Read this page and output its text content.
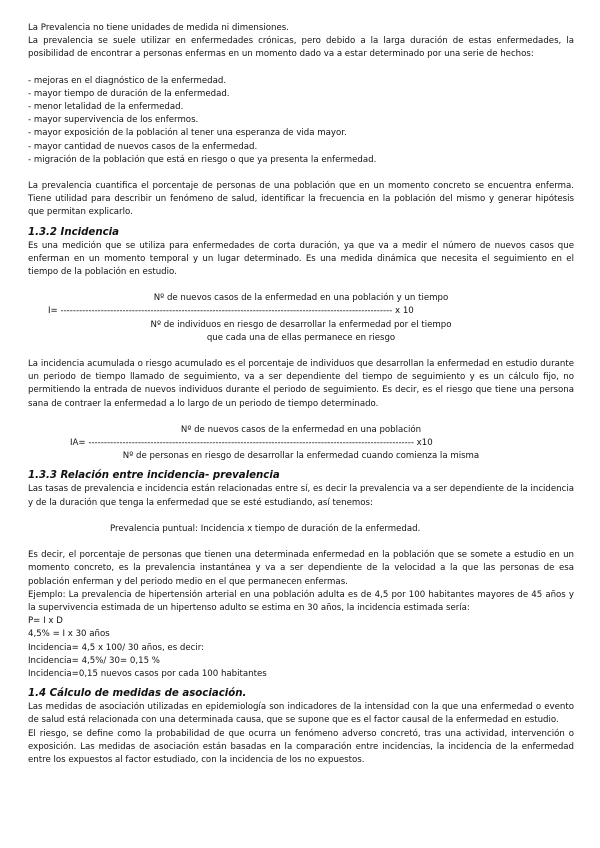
La Prevalencia no tiene unidades de medida ni dimensiones.

La prevalencia se suele utilizar en enfermedades crónicas, pero debido a la larga duración de estas enfermedades, la posibilidad de encontrar a personas enfermas en un momento dado va a estar determinado por una serie de hechos:

- mejoras en el diagnóstico de la enfermedad.
- mayor tiempo de duración de la enfermedad.
- menor letalidad de la enfermedad.
- mayor supervivencia de los enfermos.
- mayor exposición de la población al tener una esperanza de vida mayor.
- mayor cantidad de nuevos casos de la enfermedad.
- migración de la población que está en riesgo o que ya presenta la enfermedad.

La prevalencia cuantifica el porcentaje de personas de una población que en un momento concreto se encuentra enferma. Tiene utilidad para describir un fenómeno de salud, identificar la frecuencia en la población del mismo y generar hipótesis que permitan explicarlo.

1.3.2 Incidencia

Es una medición que se utiliza para enfermedades de corta duración, ya que va a medir el número de nuevos casos que enferman en un momento temporal y un lugar determinado. Es una medida dinámica que necesita el seguimiento en el tiempo de la población en estudio.

Nº de nuevos casos de la enfermedad en una población y un tiempo
I= ----------------------------------------------------------------------------------------------------------- x 10
Nº de individuos en riesgo de desarrollar la enfermedad por el tiempo
que cada una de ellas permanece en riesgo

La incidencia acumulada o riesgo acumulado es el porcentaje de individuos que desarrollan la enfermedad en estudio durante un periodo de tiempo llamado de seguimiento, va a ser dependiente del tiempo de seguimiento y es un cálculo fijo, no permitiendo la entrada de nuevos individuos durante el periodo de seguimiento. Es decir, es el riesgo que tiene una persona sana de contraer la enfermedad a lo largo de un periodo de tiempo determinado.

Nº de nuevos casos de la enfermedad en una población
IA= --------------------------------------------------------------------------------------------------------- x10
Nº de personas en riesgo de desarrollar la enfermedad cuando comienza la misma
1.3.3 Relación entre incidencia- prevalencia

Las tasas de prevalencia e incidencia están relacionadas entre sí, es decir la prevalencia va a ser dependiente de la incidencia y de la duración que tenga la enfermedad que se esté estudiando, así tenemos:

Prevalencia puntual: Incidencia x tiempo de duración de la enfermedad.

Es decir, el porcentaje de personas que tienen una determinada enfermedad en la población que se somete a estudio en un momento concreto, es la prevalencia instantánea y va a ser dependiente de la velocidad a la que las personas de esa población enferman y del periodo medio en el que permanecen enfermas.

Ejemplo: La prevalencia de hipertensión arterial en una población adulta es de 4,5 por 100 habitantes mayores de 45 años y la supervivencia estimada de un hipertenso adulto se estima en 30 años, la incidencia estimada sería:

P= I x D
4,5% = I x 30 años
Incidencia= 4,5 x 100/ 30 años, es decir:
Incidencia= 4,5%/ 30= 0,15 %
Incidencia=0,15 nuevos casos por cada 100 habitantes
1.4 Cálculo de medidas de asociación.

Las medidas de asociación utilizadas en epidemiología son indicadores de la intensidad con la que una enfermedad o evento de salud está relacionada con una determinada causa, que se supone que es el factor causal de la enfermedad en estudio.

El riesgo, se define como la probabilidad de que ocurra un fenómeno adverso concretó, tras una actividad, intervención o exposición. Las medidas de asociación están basadas en la comparación entre incidencias, la incidencia de la enfermedad entre los expuestos al factor estudiado, con la incidencia de los no expuestos.
